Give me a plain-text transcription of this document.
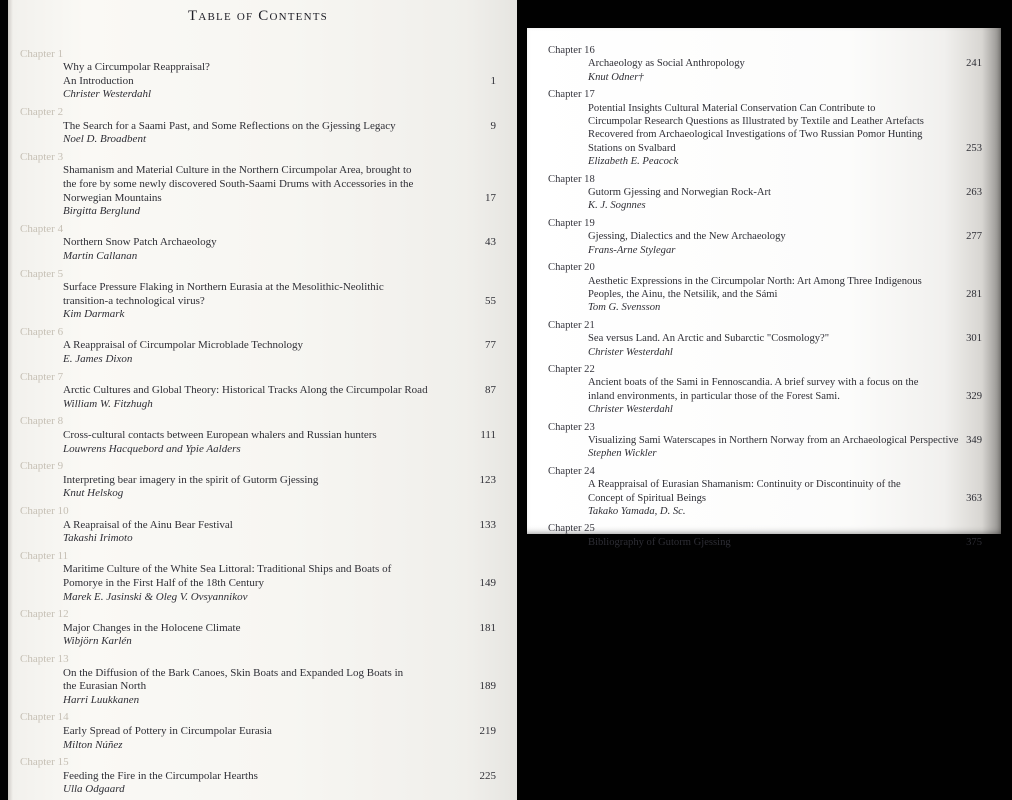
Table of Contents
Chapter 1
Why a Circumpolar Reappraisal?
An Introduction	1
Christer Westerdahl
Chapter 2
The Search for a Saami Past, and Some Reflections on the Gjessing Legacy	9
Noel D. Broadbent
Chapter 3
Shamanism and Material Culture in the Northern Circumpolar Area, brought to
the fore by some newly discovered South-Saami Drums with Accessories in the
Norwegian Mountains	17
Birgitta Berglund
Chapter 4
Northern Snow Patch Archaeology	43
Martin Callanan
Chapter 5
Surface Pressure Flaking in Northern Eurasia at the Mesolithic-Neolithic
transition-a technological virus?	55
Kim Darmark
Chapter 6
A Reappraisal of Circumpolar Microblade Technology	77
E. James Dixon
Chapter 7
Arctic Cultures and Global Theory: Historical Tracks Along the Circumpolar Road	87
William W. Fitzhugh
Chapter 8
Cross-cultural contacts between European whalers and Russian hunters	111
Louwrens Hacquebord and Ypie Aalders
Chapter 9
Interpreting bear imagery in the spirit of Gutorm Gjessing	123
Knut Helskog
Chapter 10
A Reapraisal of the Ainu Bear Festival	133
Takashi Irimoto
Chapter 11
Maritime Culture of the White Sea Littoral: Traditional Ships and Boats of
Pomorye in the First Half of the 18th Century	149
Marek E. Jasinski & Oleg V. Ovsyannikov
Chapter 12
Major Changes in the Holocene Climate	181
Wibjörn Karlén
Chapter 13
On the Diffusion of the Bark Canoes, Skin Boats and Expanded Log Boats in
the Eurasian North	189
Harri Luukkanen
Chapter 14
Early Spread of Pottery in Circumpolar Eurasia	219
Milton Núñez
Chapter 15
Feeding the Fire in the Circumpolar Hearths	225
Ulla Odgaard
Chapter 16
Archaeology as Social Anthropology	241
Knut Odner†
Chapter 17
Potential Insights Cultural Material Conservation Can Contribute to
Circumpolar Research Questions as Illustrated by Textile and Leather Artefacts
Recovered from Archaeological Investigations of Two Russian Pomor Hunting
Stations on Svalbard	253
Elizabeth E. Peacock
Chapter 18
Gutorm Gjessing and Norwegian Rock-Art	263
K. J. Sognnes
Chapter 19
Gjessing, Dialectics and the New Archaeology	277
Frans-Arne Stylegar
Chapter 20
Aesthetic Expressions in the Circumpolar North: Art Among Three Indigenous
Peoples, the Ainu, the Netsilik, and the Sámi	281
Tom G. Svensson
Chapter 21
Sea versus Land. An Arctic and Subarctic "Cosmology?"	301
Christer Westerdahl
Chapter 22
Ancient boats of the Sami in Fennoscandia. A brief survey with a focus on the
inland environments, in particular those of the Forest Sami.	329
Christer Westerdahl
Chapter 23
Visualizing Sami Waterscapes in Northern Norway from an Archaeological Perspective 349
Stephen Wickler
Chapter 24
A Reappraisal of Eurasian Shamanism: Continuity or Discontinuity of the
Concept of Spiritual Beings	363
Takako Yamada, D. Sc.
Chapter 25
Bibliography of Gutorm Gjessing	375
